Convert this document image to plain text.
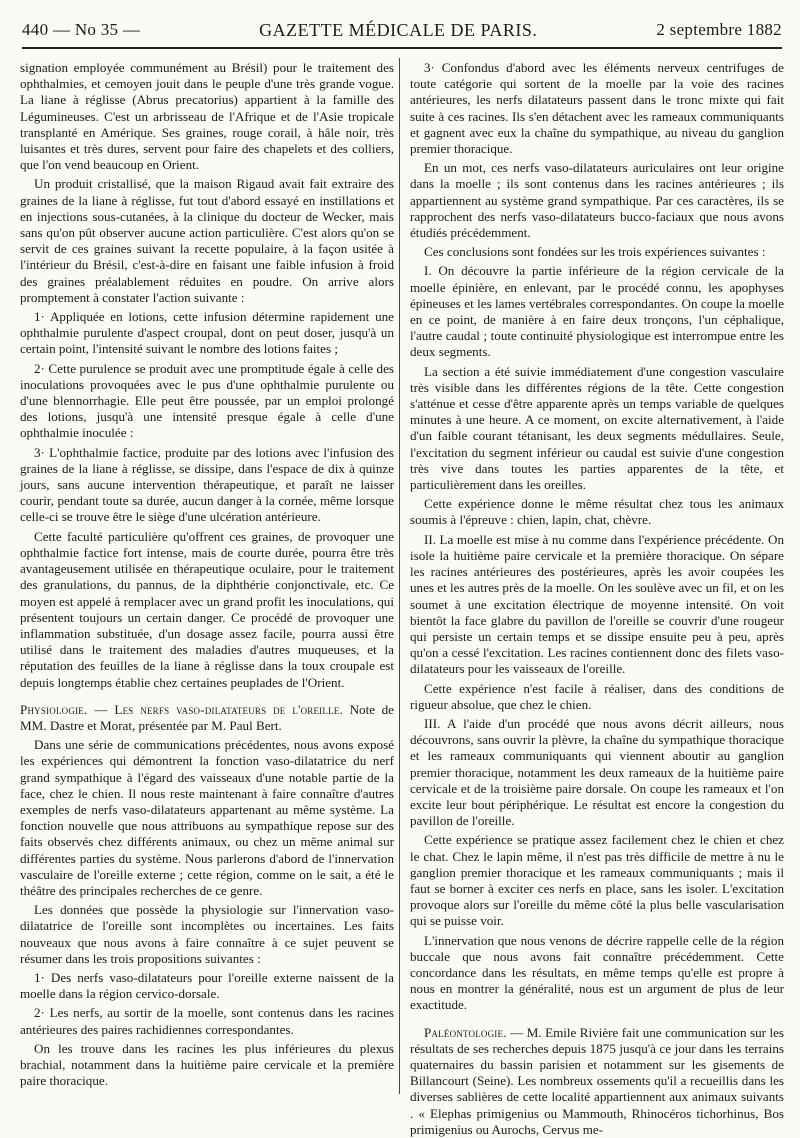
440 — No 35 —	GAZETTE MÉDICALE DE PARIS.	2 septembre 1882

signation employée communément au Brésil) pour le traitement des ophthalmies, et cemoyen jouit dans le peuple d'une très grande vogue. La liane à réglisse (Abrus precatorius) appartient à la famille des Légumineuses. C'est un arbrisseau de l'Afrique et de l'Asie tropicale transplanté en Amérique. Ses graines, rouge corail, à hâle noir, très luisantes et très dures, servent pour faire des chapelets et des colliers, que l'on vend beaucoup en Orient.

Un produit cristallisé, que la maison Rigaud avait fait extraire des graines de la liane à réglisse, fut tout d'abord essayé en instillations et en injections sous-cutanées, à la clinique du docteur de Wecker, mais sans qu'on pût observer aucune action particulière. C'est alors qu'on se servit de ces graines suivant la recette populaire, à la façon usitée à l'intérieur du Brésil, c'est-à-dire en faisant une faible infusion à froid des graines préalablement réduites en poudre. On arrive alors promptement à constater l'action suivante :

1· Appliquée en lotions, cette infusion détermine rapidement une ophthalmie purulente d'aspect croupal, dont on peut doser, jusqu'à un certain point, l'intensité suivant le nombre des lotions faites ;

2· Cette purulence se produit avec une promptitude égale à celle des inoculations provoquées avec le pus d'une ophthalmie purulente ou d'une blennorrhagie. Elle peut être poussée, par un emploi prolongé des lotions, jusqu'à une intensité presque égale à celle d'une ophthalmie inoculée :

3· L'ophthalmie factice, produite par des lotions avec l'infusion des graines de la liane à réglisse, se dissipe, dans l'espace de dix à quinze jours, sans aucune intervention thérapeutique, et paraît ne laisser courir, pendant toute sa durée, aucun danger à la cornée, même lorsque celle-ci se trouve être le siège d'une ulcération antérieure.

Cette faculté particulière qu'offrent ces graines, de provoquer une ophthalmie factice fort intense, mais de courte durée, pourra être très avantageusement utilisée en thérapeutique oculaire, pour le traitement des granulations, du pannus, de la diphthérie conjonctivale, etc. Ce moyen est appelé à remplacer avec un grand profit les inoculations, qui présentent toujours un certain danger. Ce procédé de provoquer une inflammation substituée, d'un dosage assez facile, pourra aussi être utilisé dans le traitement des maladies d'autres muqueuses, et la réputation des feuilles de la liane à réglisse dans la toux croupale est depuis longtemps établie chez certaines peuplades de l'Orient.

Physiologie. — Les nerfs vaso-dilatateurs de l'oreille. Note de MM. Dastre et Morat, présentée par M. Paul Bert.

Dans une série de communications précédentes, nous avons exposé les expériences qui démontrent la fonction vaso-dilatatrice du nerf grand sympathique à l'égard des vaisseaux d'une notable partie de la face, chez le chien. Il nous reste maintenant à faire connaître d'autres exemples de nerfs vaso-dilatateurs appartenant au même système. La fonction nouvelle que nous attribuons au sympathique repose sur des faits observés chez différents animaux, ou chez un même animal sur différentes parties du système. Nous parlerons d'abord de l'innervation vasculaire de l'oreille externe ; cette région, comme on le sait, a été le théâtre des principales recherches de ce genre.

Les données que possède la physiologie sur l'innervation vaso-dilatatrice de l'oreille sont incomplètes ou incertaines. Les faits nouveaux que nous avons à faire connaître à ce sujet peuvent se résumer dans les trois propositions suivantes :

1· Des nerfs vaso-dilatateurs pour l'oreille externe naissent de la moelle dans la région cervico-dorsale.

2· Les nerfs, au sortir de la moelle, sont contenus dans les racines antérieures des paires rachidiennes correspondantes.

On les trouve dans les racines les plus inférieures du plexus brachial, notamment dans la huitième paire cervicale et la première paire thoracique.

3· Confondus d'abord avec les éléments nerveux centrifuges de toute catégorie qui sortent de la moelle par la voie des racines antérieures, les nerfs dilatateurs passent dans le tronc mixte qui fait suite à ces racines. Ils s'en détachent avec les rameaux communiquants et gagnent avec eux la chaîne du sympathique, au niveau du ganglion premier thoracique.

En un mot, ces nerfs vaso-dilatateurs auriculaires ont leur origine dans la moelle ; ils sont contenus dans les racines antérieures ; ils appartiennent au système grand sympathique. Par ces caractères, ils se rapprochent des nerfs vaso-dilatateurs bucco-faciaux que nous avons étudiés précédemment.

Ces conclusions sont fondées sur les trois expériences suivantes :

I. On découvre la partie inférieure de la région cervicale de la moelle épinière, en enlevant, par le procédé connu, les apophyses épineuses et les lames vertébrales correspondantes. On coupe la moelle en ce point, de manière à en faire deux tronçons, l'un céphalique, l'autre caudal ; toute continuité physiologique est interrompue entre les deux segments.

La section a été suivie immédiatement d'une congestion vasculaire très visible dans les différentes régions de la tête. Cette congestion s'atténue et cesse d'être apparente après un temps variable de quelques minutes à une heure. A ce moment, on excite alternativement, à l'aide d'un faible courant tétanisant, les deux segments médullaires. Seule, l'excitation du segment inférieur ou caudal est suivie d'une congestion très vive dans toutes les parties apparentes de la tête, et particulièrement dans les oreilles.

Cette expérience donne le même résultat chez tous les animaux soumis à l'épreuve : chien, lapin, chat, chèvre.

II. La moelle est mise à nu comme dans l'expérience précédente. On isole la huitième paire cervicale et la première thoracique. On sépare les racines antérieures des postérieures, après les avoir coupées les unes et les autres près de la moelle. On les soulève avec un fil, et on les soumet à une excitation électrique de moyenne intensité. On voit bientôt la face glabre du pavillon de l'oreille se couvrir d'une rougeur qui persiste un certain temps et se dissipe ensuite peu à peu, après qu'on a cessé l'excitation. Les racines contiennent donc des filets vaso-dilatateurs pour les vaisseaux de l'oreille.

Cette expérience n'est facile à réaliser, dans des conditions de rigueur absolue, que chez le chien.

III. A l'aide d'un procédé que nous avons décrit ailleurs, nous découvrons, sans ouvrir la plèvre, la chaîne du sympathique thoracique et les rameaux communiquants qui viennent aboutir au ganglion premier thoracique, notamment les deux rameaux de la huitième paire cervicale et de la troisième paire dorsale. On coupe les rameaux et l'on excite leur bout périphérique. Le résultat est encore la congestion du pavillon de l'oreille.

Cette expérience se pratique assez facilement chez le chien et chez le chat. Chez le lapin même, il n'est pas très difficile de mettre à nu le ganglion premier thoracique et les rameaux communiquants ; mais il faut se borner à exciter ces nerfs en place, sans les isoler. L'excitation provoque alors sur l'oreille du même côté la plus belle vascularisation qui se puisse voir.

L'innervation que nous venons de décrire rappelle celle de la région buccale que nous avons fait connaître précédemment. Cette concordance dans les résultats, en même temps qu'elle est propre à nous en montrer la généralité, nous est un argument de plus de leur exactitude.

Paléontologie. — M. Emile Rivière fait une communication sur les résultats de ses recherches depuis 1875 jusqu'à ce jour dans les terrains quaternaires du bassin parisien et notamment sur les gisements de Billancourt (Seine). Les nombreux ossements qu'il a recueillis dans les diverses sablières de cette localité appartiennent aux animaux suivants . « Elephas primigenius ou Mammouth, Rhinocéros tichorhinus, Bos primigenius ou Aurochs, Cervus me-
